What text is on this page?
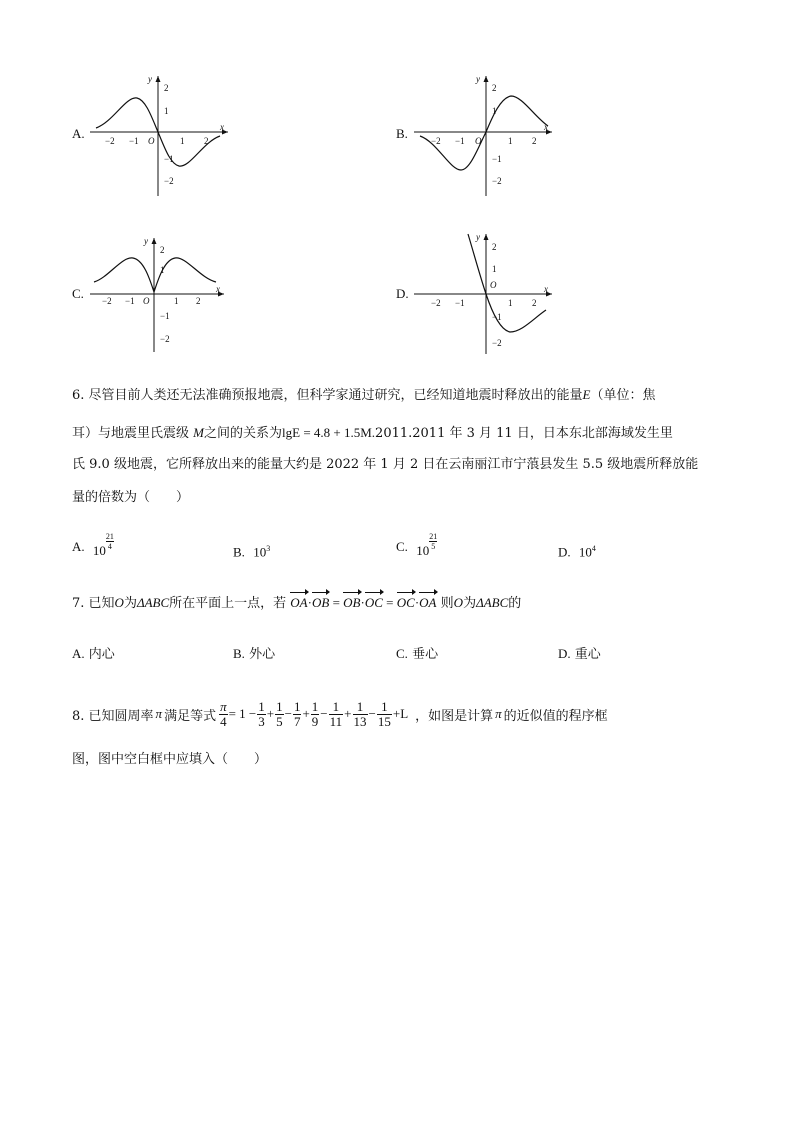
A.	x
y
O
−2 −1	1 2
2
1
−1
−2
B.	x
y
O
−2 −1	1 2
2
1
−1
−2
C.	x
y
O
−2 −1	1 2
2
1
−1
−2
D.	x
y
O
−2 −1	1 2
2
1
−1
−2
6. 尽管目前人类还无法准确预报地震，但科学家通过研究，已经知道地震时释放出的能量E（单位：焦
耳）与地震里氏震级 M之间的关系为lgE = 4.8 + 1.5M.2011.2011 年 3 月 11 日，日本东北部海域发生里
氏 9.0 级地震，它所释放出来的能量大约是 2022 年 1 月 2 日在云南丽江市宁蒗县发生 5.5 级地震所释放能
量的倍数为（　　）
A. $10 \frac{21}{4}$
B. $10^3$	C. $10 \frac{21}{5}$
D. $10^4$
7. 已知O为ΔABC所在平面上一点，若 OA·OB = OB·OC = OC·OA 则O为ΔABC的
A. 内心	B. 外心	C. 垂心	D. 重心
8. 已知圆周率 π 满足等式 $\frac{\pi}{4} = 1 - \frac{1}{3} + \frac{1}{5} - \frac{1}{7} + \frac{1}{9} - \frac{1}{11} + \frac{1}{13} - \frac{1}{15} +L$ ，如图是计算 π 的近似值的程序框
图，图中空白框中应填入（　　）
